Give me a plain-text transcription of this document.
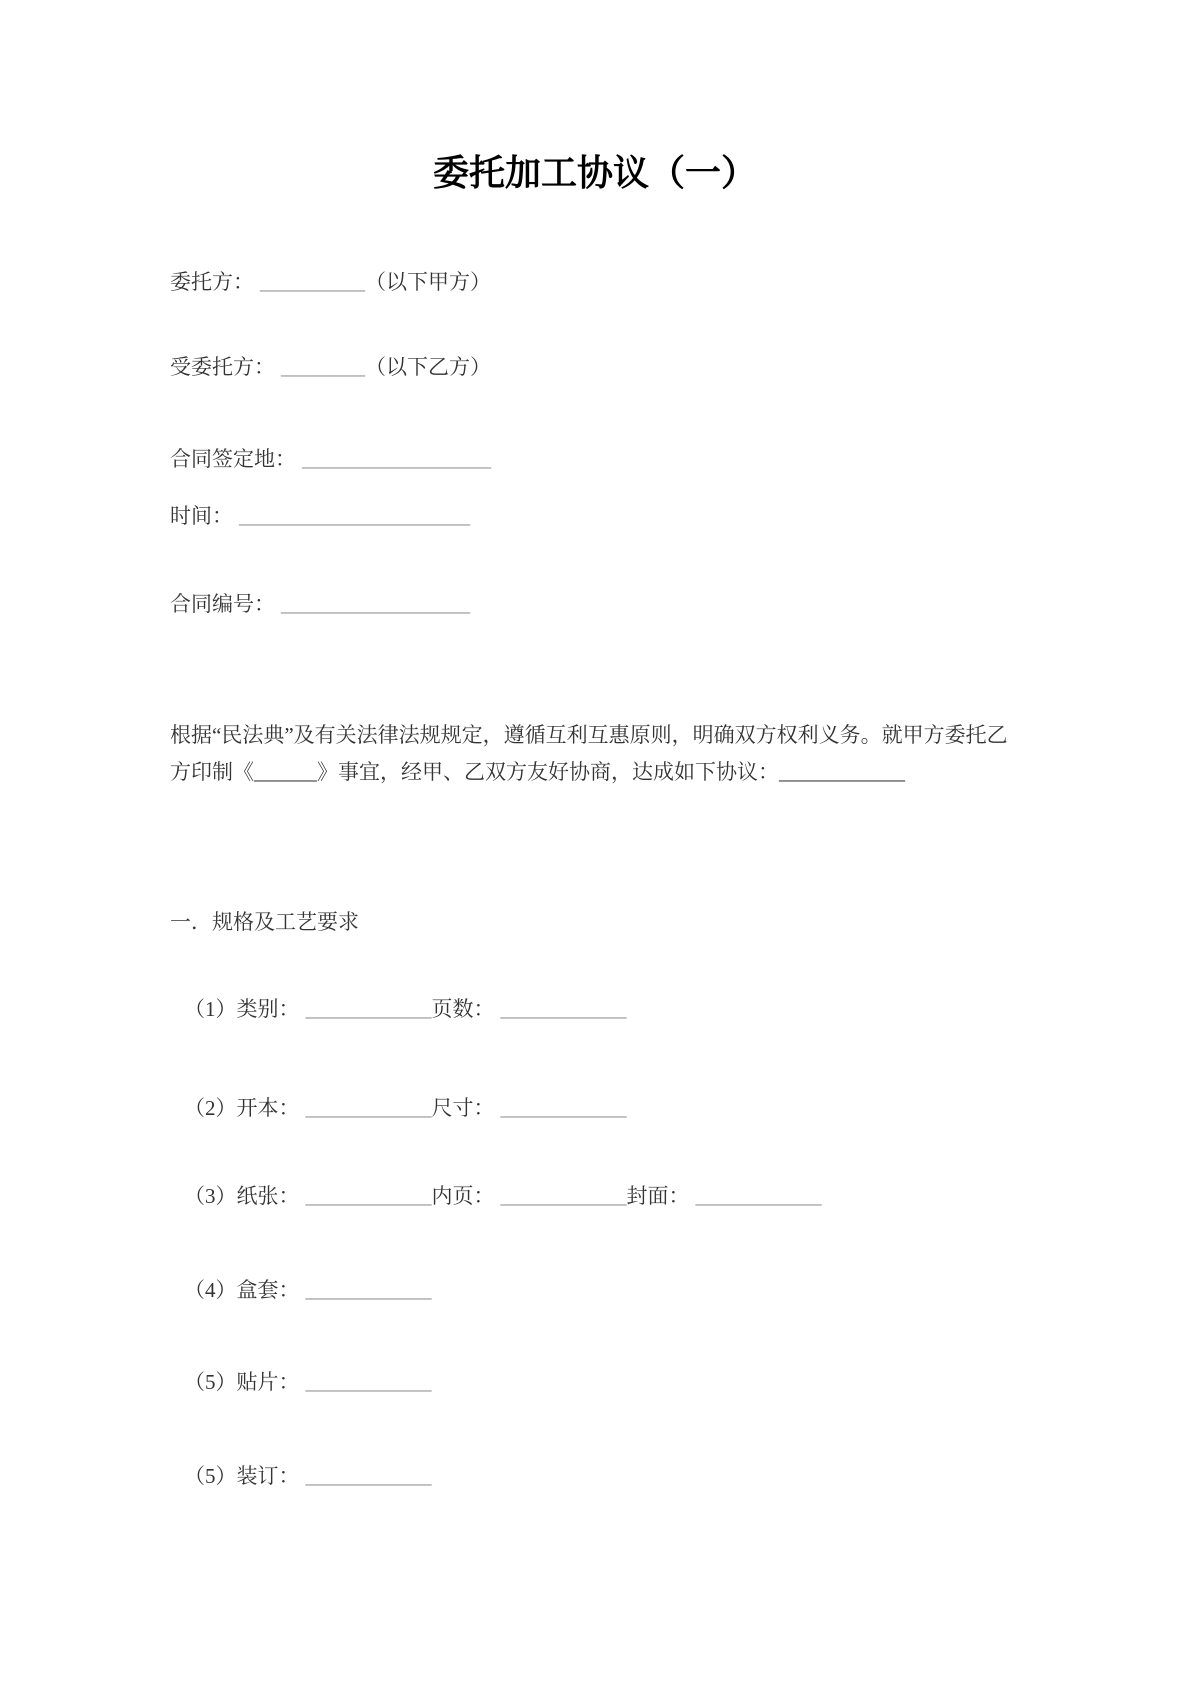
委托加工协议（一）

委托方： __________（以下甲方）

受委托方： ________（以下乙方）

合同签定地： __________________

时间： ______________________

合同编号： __________________

根据“民法典”及有关法律法规规定，遵循互利互惠原则，明确双方权利义务。就甲方委托乙方印制《______》事宜，经甲、乙双方友好协商，达成如下协议：____________

一．规格及工艺要求

（1）类别： ____________页数： ____________

（2）开本： ____________尺寸： ____________

（3）纸张： ____________内页： ____________封面： ____________

（4）盒套： ____________

（5）贴片： ____________

（5）装订： ____________
